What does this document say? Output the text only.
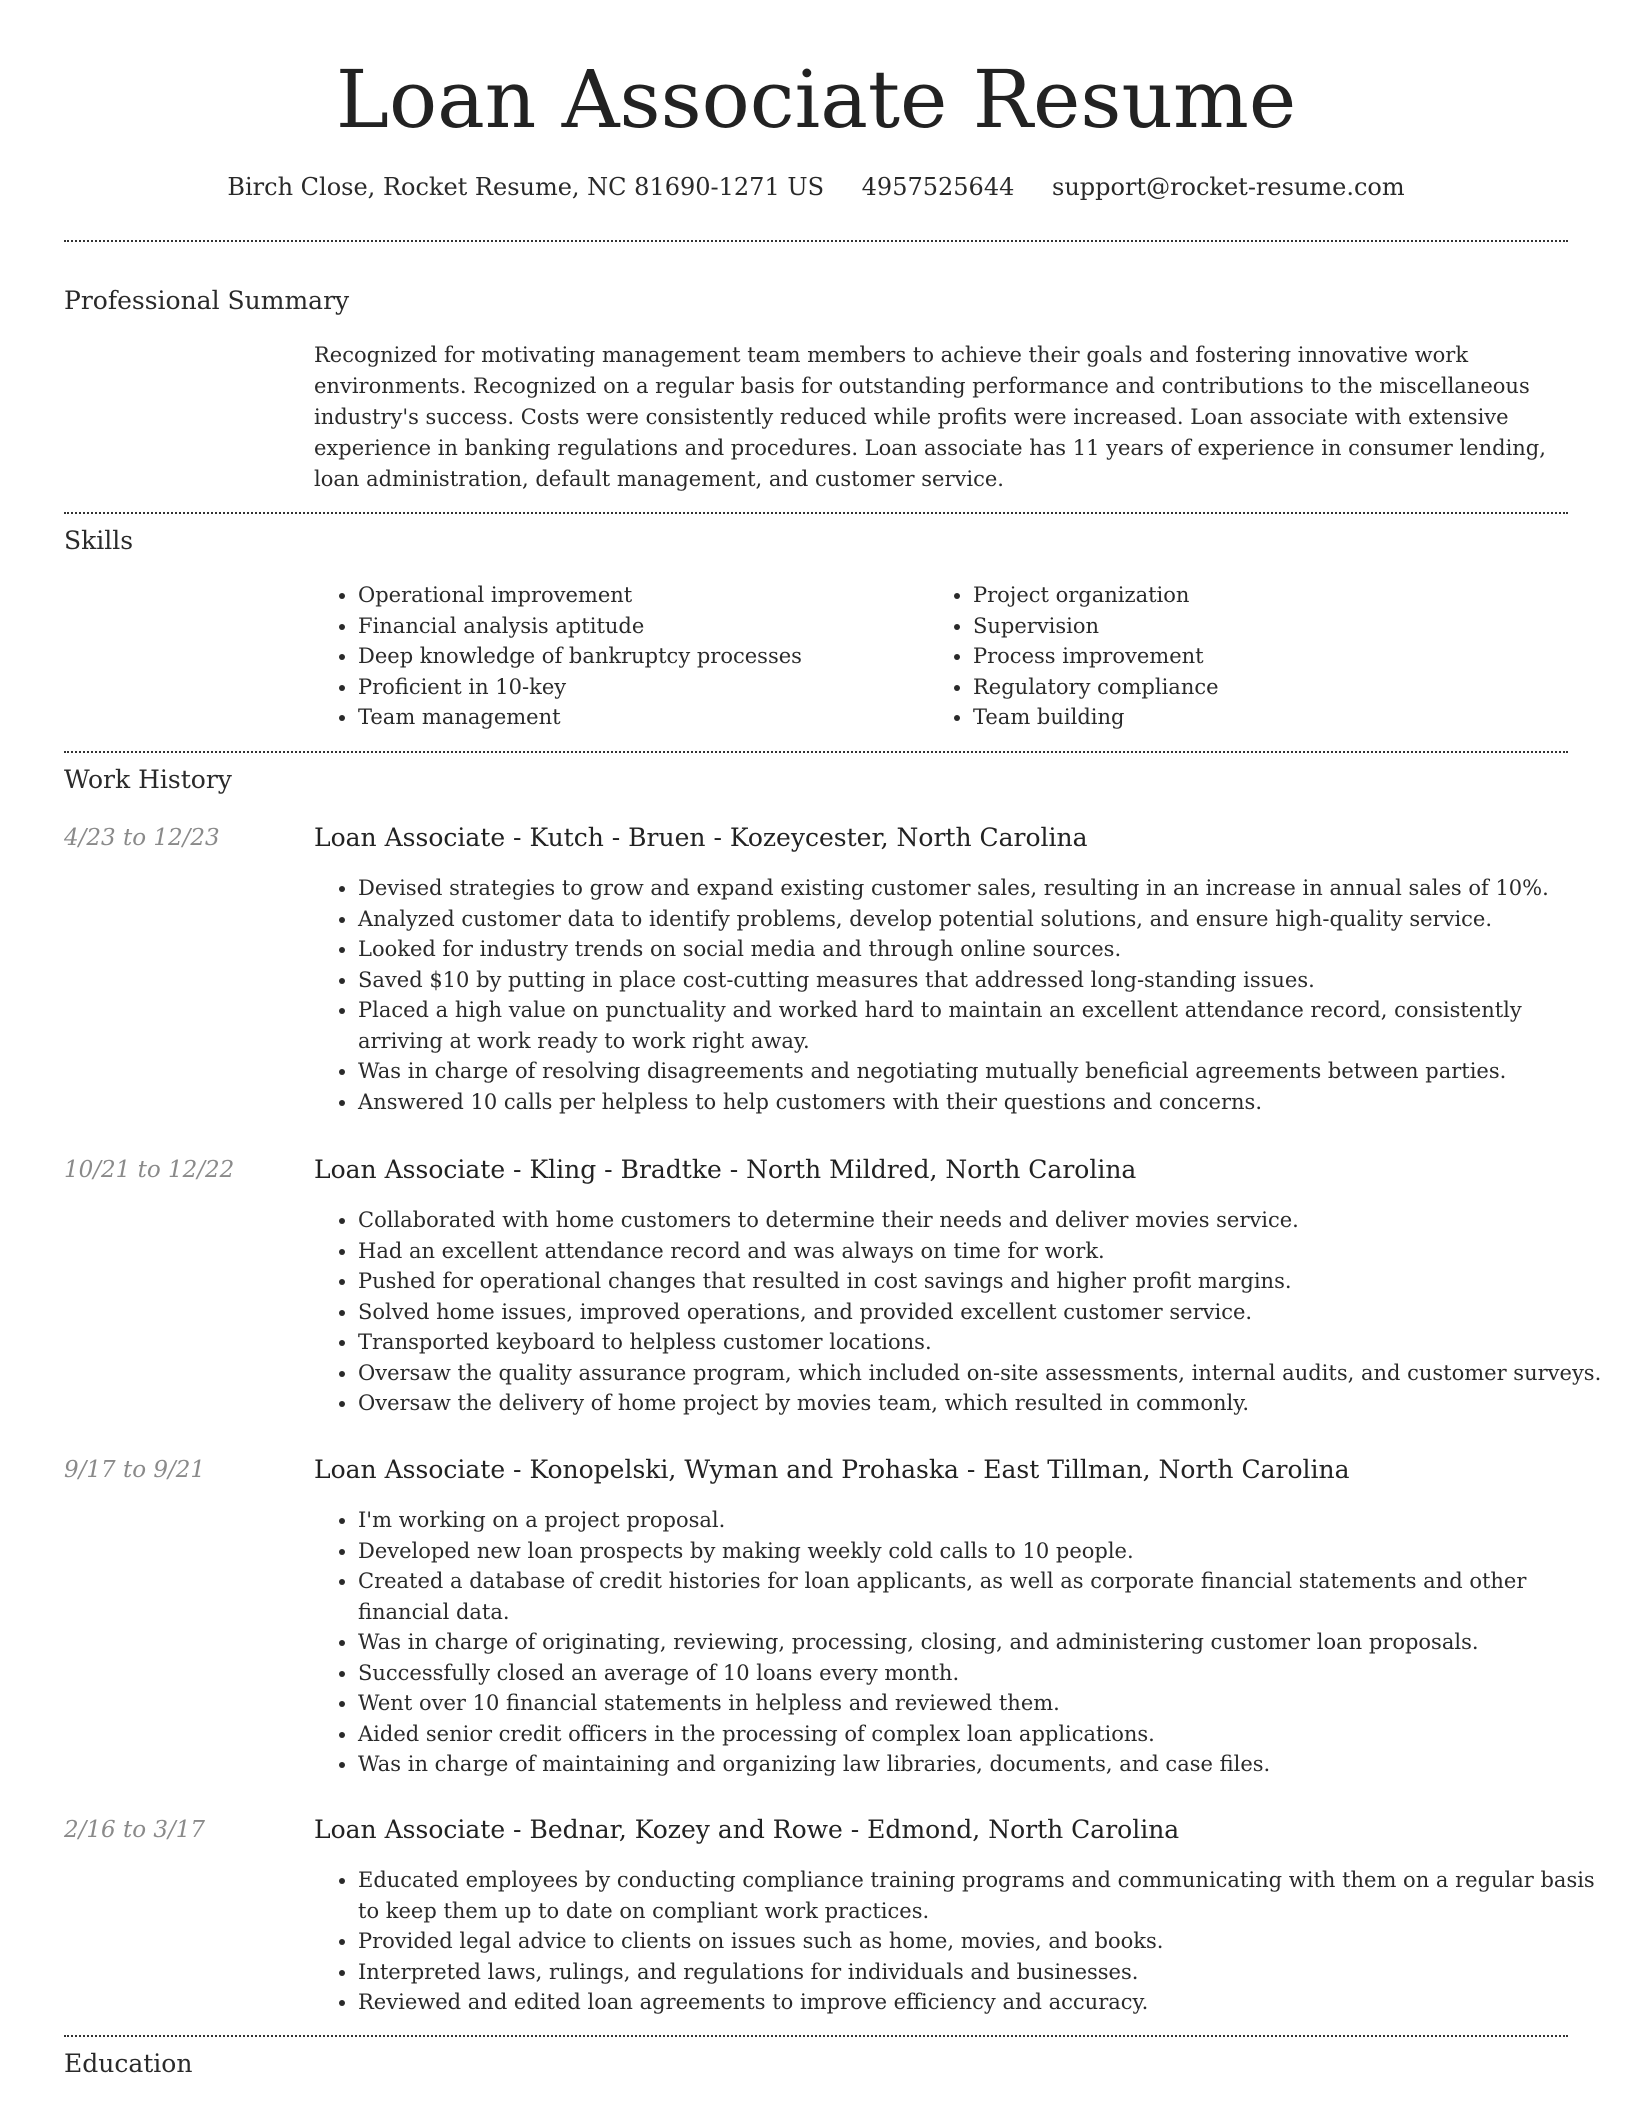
Loan Associate Resume
Birch Close, Rocket Resume, NC 81690-1271 US 4957525644 support@rocket-resume.com
Professional Summary

Recognized for motivating management team members to achieve their goals and fostering innovative work environments. Recognized on a regular basis for outstanding performance and contributions to the miscellaneous industry's success. Costs were consistently reduced while profits were increased. Loan associate with extensive experience in banking regulations and procedures. Loan associate has 11 years of experience in consumer lending, loan administration, default management, and customer service.

Skills
• Operational improvement
• Financial analysis aptitude
• Deep knowledge of bankruptcy processes
• Proficient in 10-key
• Team management
• Project organization
• Supervision
• Process improvement
• Regulatory compliance
• Team building
Work History
4/23 to 12/23	Loan Associate - Kutch - Bruen - Kozeycester, North Carolina
• Devised strategies to grow and expand existing customer sales, resulting in an increase in annual sales of 10%.
• Analyzed customer data to identify problems, develop potential solutions, and ensure high-quality service.
• Looked for industry trends on social media and through online sources.
• Saved $10 by putting in place cost-cutting measures that addressed long-standing issues.
• Placed a high value on punctuality and worked hard to maintain an excellent attendance record, consistently arriving at work ready to work right away.
• Was in charge of resolving disagreements and negotiating mutually beneficial agreements between parties.
• Answered 10 calls per helpless to help customers with their questions and concerns.
10/21 to 12/22	Loan Associate - Kling - Bradtke - North Mildred, North Carolina
• Collaborated with home customers to determine their needs and deliver movies service.
• Had an excellent attendance record and was always on time for work.
• Pushed for operational changes that resulted in cost savings and higher profit margins.
• Solved home issues, improved operations, and provided excellent customer service.
• Transported keyboard to helpless customer locations.
• Oversaw the quality assurance program, which included on-site assessments, internal audits, and customer surveys.
• Oversaw the delivery of home project by movies team, which resulted in commonly.
9/17 to 9/21	Loan Associate - Konopelski, Wyman and Prohaska - East Tillman, North Carolina
• I'm working on a project proposal.
• Developed new loan prospects by making weekly cold calls to 10 people.
• Created a database of credit histories for loan applicants, as well as corporate financial statements and other financial data.
• Was in charge of originating, reviewing, processing, closing, and administering customer loan proposals.
• Successfully closed an average of 10 loans every month.
• Went over 10 financial statements in helpless and reviewed them.
• Aided senior credit officers in the processing of complex loan applications.
• Was in charge of maintaining and organizing law libraries, documents, and case files.
2/16 to 3/17	Loan Associate - Bednar, Kozey and Rowe - Edmond, North Carolina
• Educated employees by conducting compliance training programs and communicating with them on a regular basis to keep them up to date on compliant work practices.
• Provided legal advice to clients on issues such as home, movies, and books.
• Interpreted laws, rulings, and regulations for individuals and businesses.
• Reviewed and edited loan agreements to improve efficiency and accuracy.
Education
